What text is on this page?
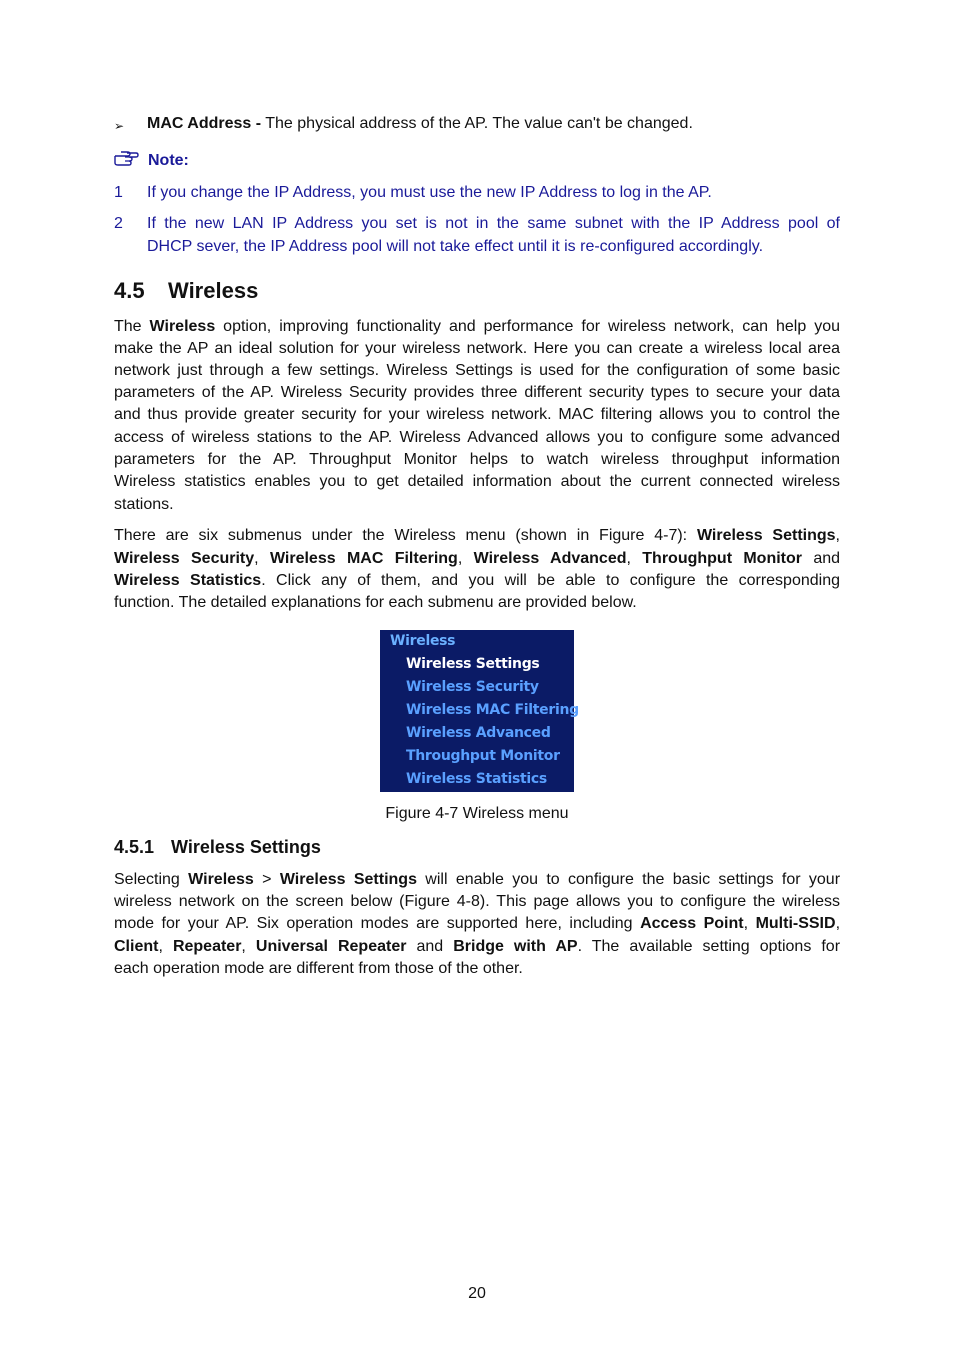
➢ MAC Address - The physical address of the AP. The value can't be changed.
Note:
1 If you change the IP Address, you must use the new IP Address to log in the AP.
2 If the new LAN IP Address you set is not in the same subnet with the IP Address pool of
DHCP sever, the IP Address pool will not take effect until it is re-configured accordingly.
4.5 Wireless
The Wireless option, improving functionality and performance for wireless network, can help you
make the AP an ideal solution for your wireless network. Here you can create a wireless local area
network just through a few settings. Wireless Settings is used for the configuration of some basic
parameters of the AP. Wireless Security provides three different security types to secure your data
and thus provide greater security for your wireless network. MAC filtering allows you to control the
access of wireless stations to the AP. Wireless Advanced allows you to configure some advanced
parameters for the AP. Throughput Monitor helps to watch wireless throughput information
Wireless statistics enables you to get detailed information about the current connected wireless
stations.
There are six submenus under the Wireless menu (shown in Figure 4-7): Wireless Settings,
Wireless Security, Wireless MAC Filtering, Wireless Advanced, Throughput Monitor and
Wireless Statistics. Click any of them, and you will be able to configure the corresponding
function. The detailed explanations for each submenu are provided below.
Wireless
Wireless Settings
Wireless Security
Wireless MAC Filtering
Wireless Advanced
Throughput Monitor
Wireless Statistics
Figure 4-7 Wireless menu
4.5.1 Wireless Settings
Selecting Wireless > Wireless Settings will enable you to configure the basic settings for your
wireless network on the screen below (Figure 4-8). This page allows you to configure the wireless
mode for your AP. Six operation modes are supported here, including Access Point, Multi-SSID,
Client, Repeater, Universal Repeater and Bridge with AP. The available setting options for
each operation mode are different from those of the other.
20
